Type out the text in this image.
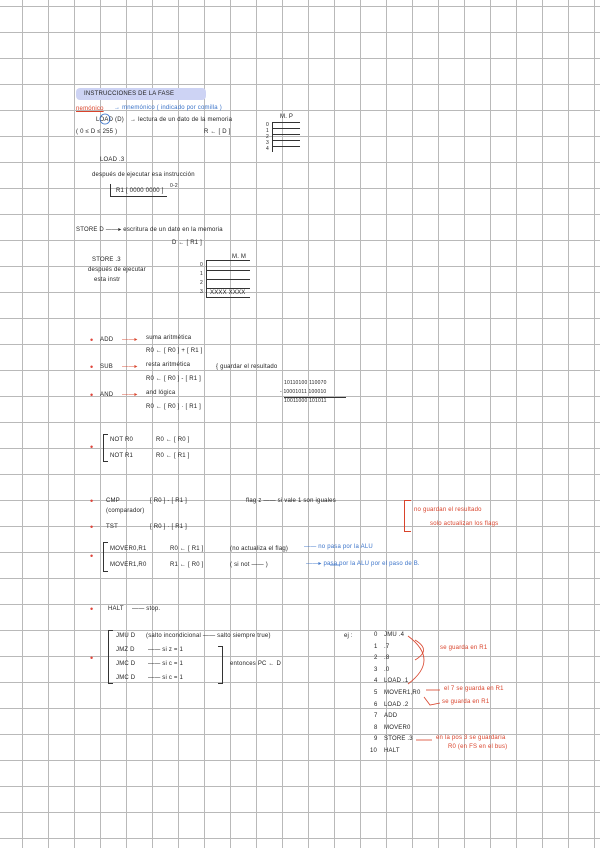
INSTRUCCIONES DE LA FASE
nemónico
LOAD (D)
→ mnemónico ( indicado por comilla )
→ lectura de un dato de la memoria
( 0 ≤ D ≤ 255 )	R ← [ D ]
M. P
0
1
2
3
4
LOAD .3
después de ejecutar esa instrucción
R1 [ 0000 0000 ]
0-2
STORE D ——▸ escritura de un dato en la memoria
D ← [ R1 ]
STORE .3
después de ejecutar
esta instr
M. M
0
1
2
3 XXXX XXXX
• ADD ——▸ suma aritmética
R0 ← [ R0 ] + [ R1 ]
• SUB ——▸ resta aritmética
R0 ← [ R0 ] - [ R1 ]
{ guardar el resultado
• AND ——▸ and lógica
R0 ← [ R0 ] · [ R1 ]
10110100 110070
- 10001011 100010
10011000 101011
•
NOT R0	R0 ← [ R0 ]
NOT R1	R0 ← [ R1 ]
• CMP
(comparador)
[ R0 ] - [ R1 ]	flag z —— si vale 1 son iguales
no guardan el resultado
solo actualizan los flags
• TST	[ R0 ] · [ R1 ]
•
MOVER0,R1	R0 ← [ R1 ]	(no actualiza el flag)	—— no pasa por la ALU
MOVER1,R0	R1 ← [ R0 ]	( si not —— )	——▸ pasa por la ALU por el paso de B.
• HALT —— stop.
•
JMU D (salto incondicional —— salto siempre true)
JMZ D —— si z = 1
JMC D —— si c = 1
JMC D —— si c = 1
entonces PC ← D
ej :	0 JMU .4
1 .7
2 .8
3 .0
4 LOAD .1
5 MOVER1,R0
6 LOAD .2
7 ADD
8 MOVER0
9 STORE .3
10 HALT
se guarda en R1
el 7 se guarda en R1
se guarda en R1
en la pos 3 se guardaría
R0 (en FS en el bus)
